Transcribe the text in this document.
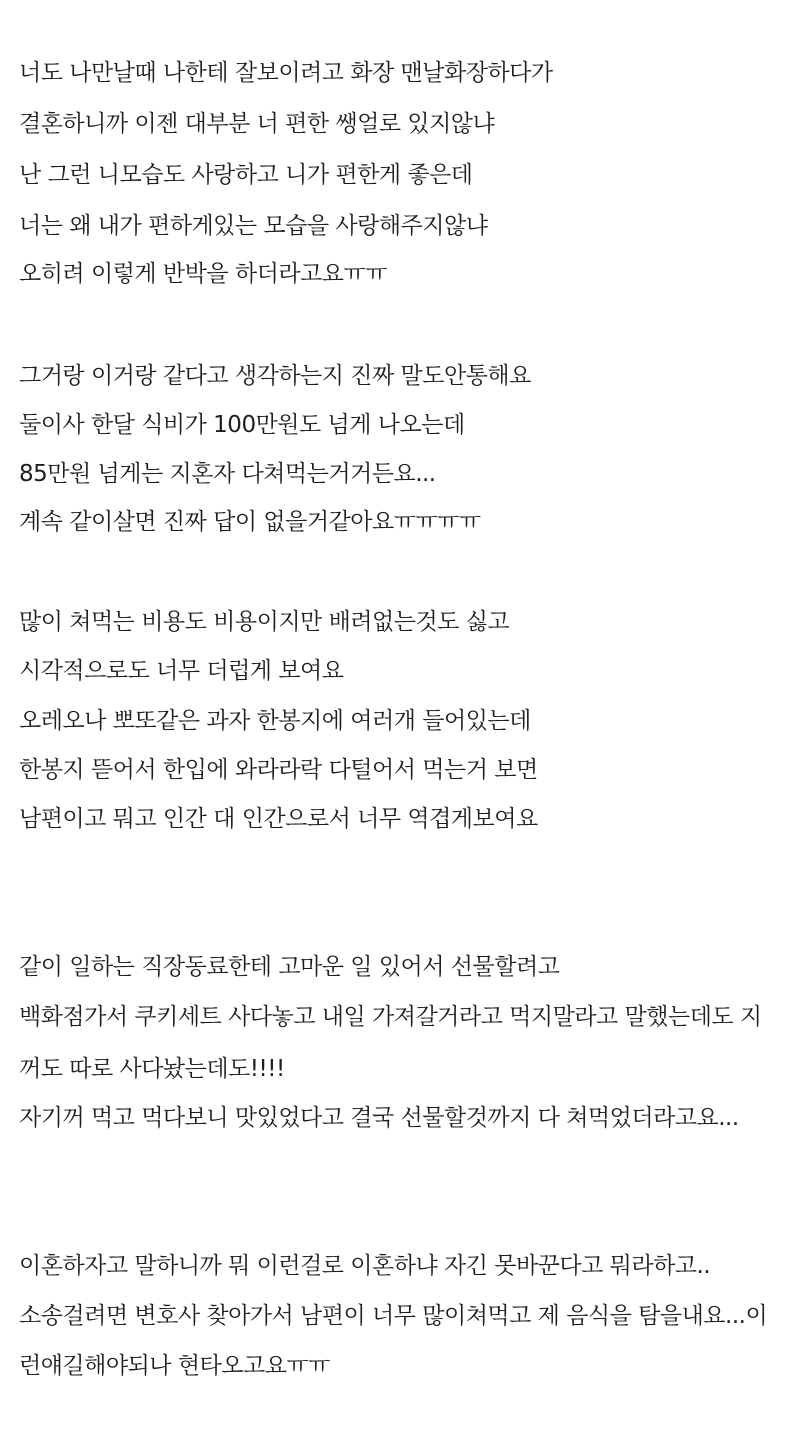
너도 나만날때 나한테 잘보이려고 화장 맨날화장하다가
결혼하니까 이젠 대부분 너 편한 쌩얼로 있지않냐
난 그런 니모습도 사랑하고 니가 편한게 좋은데
너는 왜 내가 편하게있는 모습을 사랑해주지않냐
오히려 이렇게 반박을 하더라고요ㅠㅠ
그거랑 이거랑 같다고 생각하는지 진짜 말도안통해요
둘이사 한달 식비가 100만원도 넘게 나오는데
85만원 넘게는 지혼자 다쳐먹는거거든요...
계속 같이살면 진짜 답이 없을거같아요ㅠㅠㅠㅠ
많이 쳐먹는 비용도 비용이지만 배려없는것도 싫고
시각적으로도 너무 더럽게 보여요
오레오나 뽀또같은 과자 한봉지에 여러개 들어있는데
한봉지 뜯어서 한입에 와라라락 다털어서 먹는거 보면
남편이고 뭐고 인간 대 인간으로서 너무 역겹게보여요
같이 일하는 직장동료한테 고마운 일 있어서 선물할려고
백화점가서 쿠키세트 사다놓고 내일 가져갈거라고 먹지말라고 말했는데도 지
꺼도 따로 사다놨는데도!!!!
자기꺼 먹고 먹다보니 맛있었다고 결국 선물할것까지 다 쳐먹었더라고요...
이혼하자고 말하니까 뭐 이런걸로 이혼하냐 자긴 못바꾼다고 뭐라하고..
소송걸려면 변호사 찾아가서 남편이 너무 많이쳐먹고 제 음식을 탐을내요...이
런얘길해야되나 현타오고요ㅠㅠ
